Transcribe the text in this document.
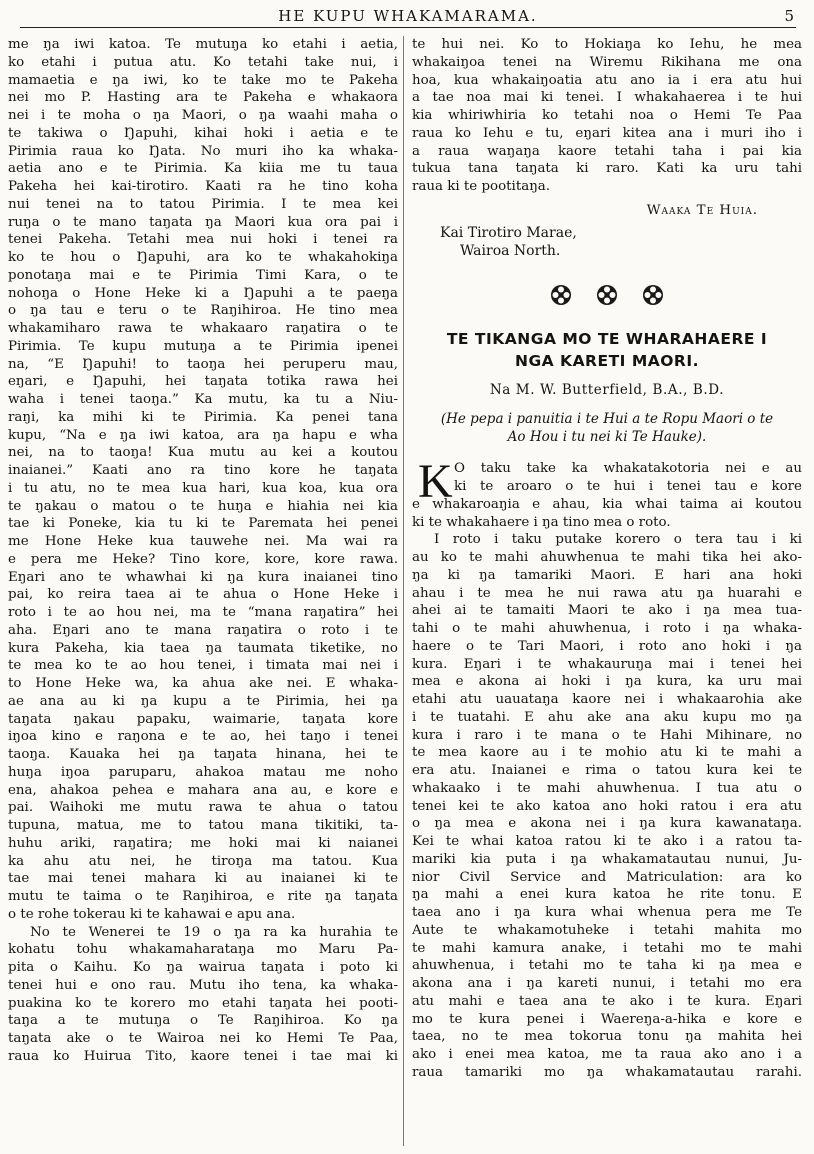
HE KUPU WHAKAMARAMA.	5
me ŋa iwi katoa. Te mutuŋa ko etahi i aetia,
ko etahi i putua atu. Ko tetahi take nui, i
mamaetia e ŋa iwi, ko te take mo te Pakeha
nei mo P. Hasting ara te Pakeha e whakaora
nei i te moha o ŋa Maori, o ŋa waahi maha o
te takiwa o Ŋapuhi, kihai hoki i aetia e te
Pirimia raua ko Ŋata. No muri iho ka whaka-
aetia ano e te Pirimia. Ka kiia me tu taua
Pakeha hei kai-tirotiro. Kaati ra he tino koha
nui tenei na to tatou Pirimia. I te mea kei
ruŋa o te mano taŋata ŋa Maori kua ora pai i
tenei Pakeha. Tetahi mea nui hoki i tenei ra
ko te hou o Ŋapuhi, ara ko te whakahokiŋa
ponotaŋa mai e te Pirimia Timi Kara, o te
nohoŋa o Hone Heke ki a Ŋapuhi a te paeŋa
o ŋa tau e teru o te Raŋihiroa. He tino mea
whakamiharo rawa te whakaaro raŋatira o te
Pirimia. Te kupu mutuŋa a te Pirimia ipenei
na, “E Ŋapuhi! to taoŋa hei peruperu mau,
eŋari, e Ŋapuhi, hei taŋata totika rawa hei
waha i tenei taoŋa.” Ka mutu, ka tu a Niu-
raŋi, ka mihi ki te Pirimia. Ka penei tana
kupu, “Na e ŋa iwi katoa, ara ŋa hapu e wha
nei, na to taoŋa! Kua mutu au kei a koutou
inaianei.” Kaati ano ra tino kore he taŋata
i tu atu, no te mea kua hari, kua koa, kua ora
te ŋakau o matou o te huŋa e hiahia nei kia
tae ki Poneke, kia tu ki te Paremata hei penei
me Hone Heke kua tauwehe nei. Ma wai ra
e pera me Heke? Tino kore, kore, kore rawa.
Eŋari ano te whawhai ki ŋa kura inaianei tino
pai, ko reira taea ai te ahua o Hone Heke i
roto i te ao hou nei, ma te “mana raŋatira” hei
aha. Eŋari ano te mana raŋatira o roto i te
kura Pakeha, kia taea ŋa taumata tiketike, no
te mea ko te ao hou tenei, i timata mai nei i
to Hone Heke wa, ka ahua ake nei. E whaka-
ae ana au ki ŋa kupu a te Pirimia, hei ŋa
taŋata ŋakau papaku, waimarie, taŋata kore
iŋoa kino e raŋona e te ao, hei taŋo i tenei
taoŋa. Kauaka hei ŋa taŋata hinana, hei te
huŋa iŋoa paruparu, ahakoa matau me noho
ena, ahakoa pehea e mahara ana au, e kore e
pai. Waihoki me mutu rawa te ahua o tatou
tupuna, matua, me to tatou mana tikitiki, ta-
huhu ariki, raŋatira; me hoki mai ki naianei
ka ahu atu nei, he tiroŋa ma tatou. Kua
tae mai tenei mahara ki au inaianei ki te
mutu te taima o te Raŋihiroa, e rite ŋa taŋata
o te rohe tokerau ki te kahawai e apu ana.
No te Wenerei te 19 o ŋa ra ka hurahia te
kohatu tohu whakamaharataŋa mo Maru Pa-
pita o Kaihu. Ko ŋa wairua taŋata i poto ki
tenei hui e ono rau. Mutu iho tena, ka whaka-
puakina ko te korero mo etahi taŋata hei pooti-
taŋa a te mutuŋa o Te Raŋihiroa. Ko ŋa
taŋata ake o te Wairoa nei ko Hemi Te Paa,
raua ko Huirua Tito, kaore tenei i tae mai ki
te hui nei. Ko to Hokiaŋa ko Iehu, he mea
whakaiŋoa tenei na Wiremu Rikihana me ona
hoa, kua whakaiŋoatia atu ano ia i era atu hui
a tae noa mai ki tenei. I whakahaerea i te hui
kia whiriwhiria ko tetahi noa o Hemi Te Paa
raua ko Iehu e tu, eŋari kitea ana i muri iho i
a raua waŋaŋa kaore tetahi taha i pai kia
tukua tana taŋata ki raro. Kati ka uru tahi
raua ki te pootitaŋa.
Waaka Te Huia.
Kai Tirotiro Marae,
Wairoa North.
TE TIKANGA MO TE WHARAHAERE I
NGA KARETI MAORI.
Na M. W. Butterfield, B.A., B.D.
(He pepa i panuitia i te Hui a te Ropu Maori o te
Ao Hou i tu nei ki Te Hauke).
K O taku take ka whakatakotoria nei e au
ki te aroaro o te hui i tenei tau e kore
e whakaroaŋia e ahau, kia whai taima ai koutou
ki te whakahaere i ŋa tino mea o roto.
I roto i taku putake korero o tera tau i ki
au ko te mahi ahuwhenua te mahi tika hei ako-
ŋa ki ŋa tamariki Maori. E hari ana hoki
ahau i te mea he nui rawa atu ŋa huarahi e
ahei ai te tamaiti Maori te ako i ŋa mea tua-
tahi o te mahi ahuwhenua, i roto i ŋa whaka-
haere o te Tari Maori, i roto ano hoki i ŋa
kura. Eŋari i te whakauruŋa mai i tenei hei
mea e akona ai hoki i ŋa kura, ka uru mai
etahi atu uauataŋa kaore nei i whakaarohia ake
i te tuatahi. E ahu ake ana aku kupu mo ŋa
kura i raro i te mana o te Hahi Mihinare, no
te mea kaore au i te mohio atu ki te mahi a
era atu. Inaianei e rima o tatou kura kei te
whakaako i te mahi ahuwhenua. I tua atu o
tenei kei te ako katoa ano hoki ratou i era atu
o ŋa mea e akona nei i ŋa kura kawanataŋa.
Kei te whai katoa ratou ki te ako i a ratou ta-
mariki kia puta i ŋa whakamatautau nunui, Ju-
nior Civil Service and Matriculation: ara ko
ŋa mahi a enei kura katoa he rite tonu. E
taea ano i ŋa kura whai whenua pera me Te
Aute te whakamotuheke i tetahi mahita mo
te mahi kamura anake, i tetahi mo te mahi
ahuwhenua, i tetahi mo te taha ki ŋa mea e
akona ana i ŋa kareti nunui, i tetahi mo era
atu mahi e taea ana te ako i te kura. Eŋari
mo te kura penei i Waereŋa-a-hika e kore e
taea, no te mea tokorua tonu ŋa mahita hei
ako i enei mea katoa, me ta raua ako ano i a
raua tamariki mo ŋa whakamatautau rarahi.
